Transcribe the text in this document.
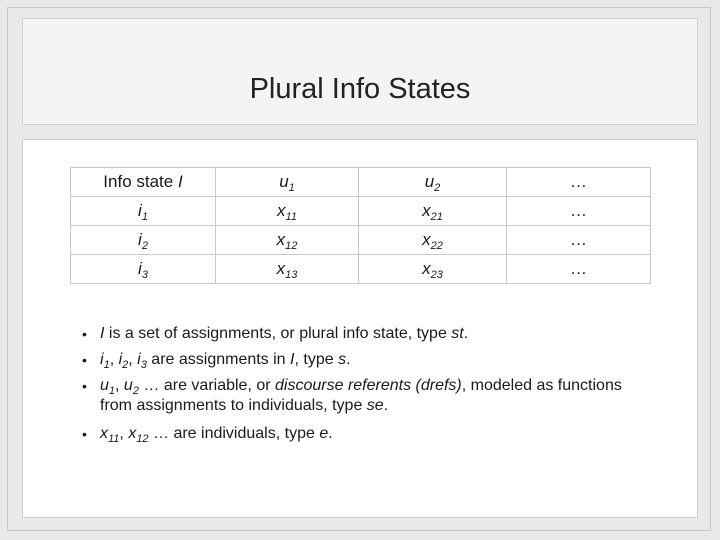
Plural Info States
Info state I	$u_1$	$u_2$	…
$i_1$	$x_{11}$	$x_{21}$	…
$i_2$	$x_{12}$	$x_{22}$	…
$i_3$	$x_{13}$	$x_{23}$	…
• I is a set of assignments, or plural info state, type st.
• $i_1$, $i_2$, $i_3$ are assignments in I, type s.
• $u_1$, $u_2$ … are variable, or discourse referents (drefs), modeled as functions from assignments to individuals, type se.
• $x_{11}$, $x_{12}$ … are individuals, type e.
